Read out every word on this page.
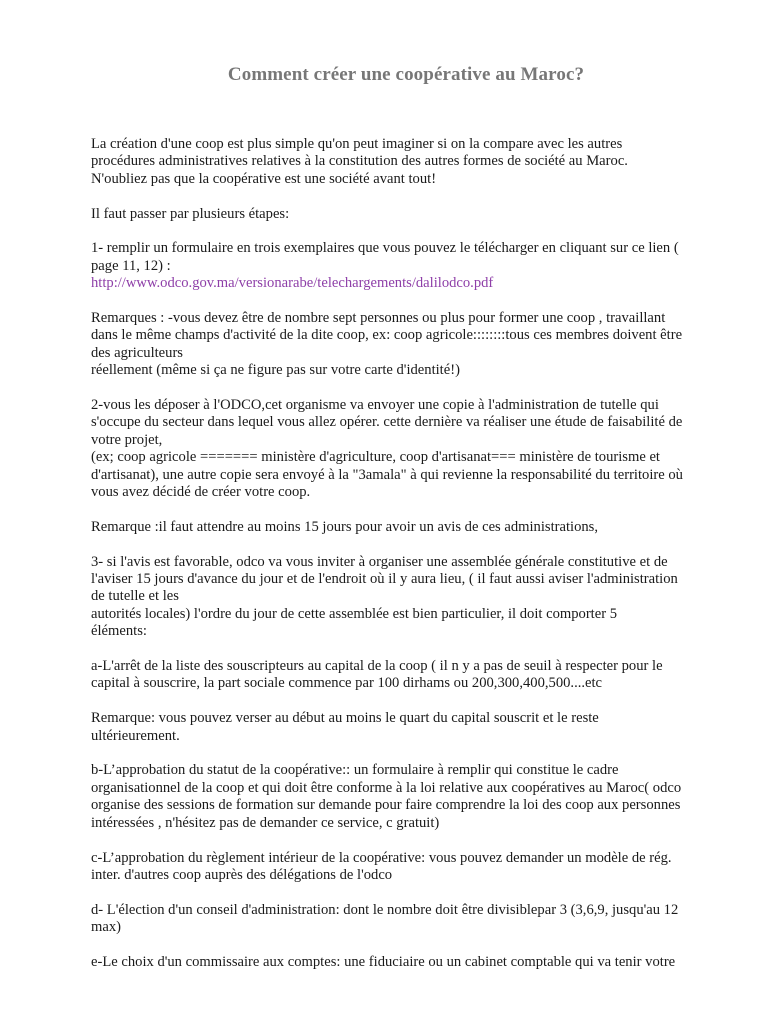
Comment créer une coopérative au Maroc?

La création d'une coop est plus simple qu'on peut imaginer si on la compare avec les autres
procédures administratives relatives à la constitution des autres formes de société au Maroc.
N'oubliez pas que la coopérative est une société avant tout!

Il faut passer par plusieurs étapes:

1- remplir un formulaire en trois exemplaires que vous pouvez le télécharger en cliquant sur ce lien (
page 11, 12) :
http://www.odco.gov.ma/versionarabe/telechargements/dalilodco.pdf

Remarques : -vous devez être de nombre sept personnes ou plus pour former une coop , travaillant
dans le même champs d'activité de la dite coop, ex: coop agricole::::::::tous ces membres doivent être
des agriculteurs
réellement (même si ça ne figure pas sur votre carte d'identité!)

2-vous les déposer à l'ODCO,cet organisme va envoyer une copie à l'administration de tutelle qui
s'occupe du secteur dans lequel vous allez opérer. cette dernière va réaliser une étude de faisabilité de
votre projet,
(ex; coop agricole ======= ministère d'agriculture, coop d'artisanat=== ministère de tourisme et
d'artisanat), une autre copie sera envoyé à la "3amala" à qui revienne la responsabilité du territoire où
vous avez décidé de créer votre coop.

Remarque :il faut attendre au moins 15 jours pour avoir un avis de ces administrations,

3- si l'avis est favorable, odco va vous inviter à organiser une assemblée générale constitutive et de
l'aviser 15 jours d'avance du jour et de l'endroit où il y aura lieu, ( il faut aussi aviser l'administration
de tutelle et les
autorités locales) l'ordre du jour de cette assemblée est bien particulier, il doit comporter 5
éléments:

a-L'arrêt de la liste des souscripteurs au capital de la coop ( il n y a pas de seuil à respecter pour le
capital à souscrire, la part sociale commence par 100 dirhams ou 200,300,400,500....etc

Remarque: vous pouvez verser au début au moins le quart du capital souscrit et le reste
ultérieurement.

b-L’approbation du statut de la coopérative:: un formulaire à remplir qui constitue le cadre
organisationnel de la coop et qui doit être conforme à la loi relative aux coopératives au Maroc( odco
organise des sessions de formation sur demande pour faire comprendre la loi des coop aux personnes
intéressées , n'hésitez pas de demander ce service, c gratuit)

c-L’approbation du règlement intérieur de la coopérative: vous pouvez demander un modèle de rég.
inter. d'autres coop auprès des délégations de l'odco

d- L'élection d'un conseil d'administration: dont le nombre doit être divisiblepar 3 (3,6,9, jusqu'au 12
max)

e-Le choix d'un commissaire aux comptes: une fiduciaire ou un cabinet comptable qui va tenir votre
